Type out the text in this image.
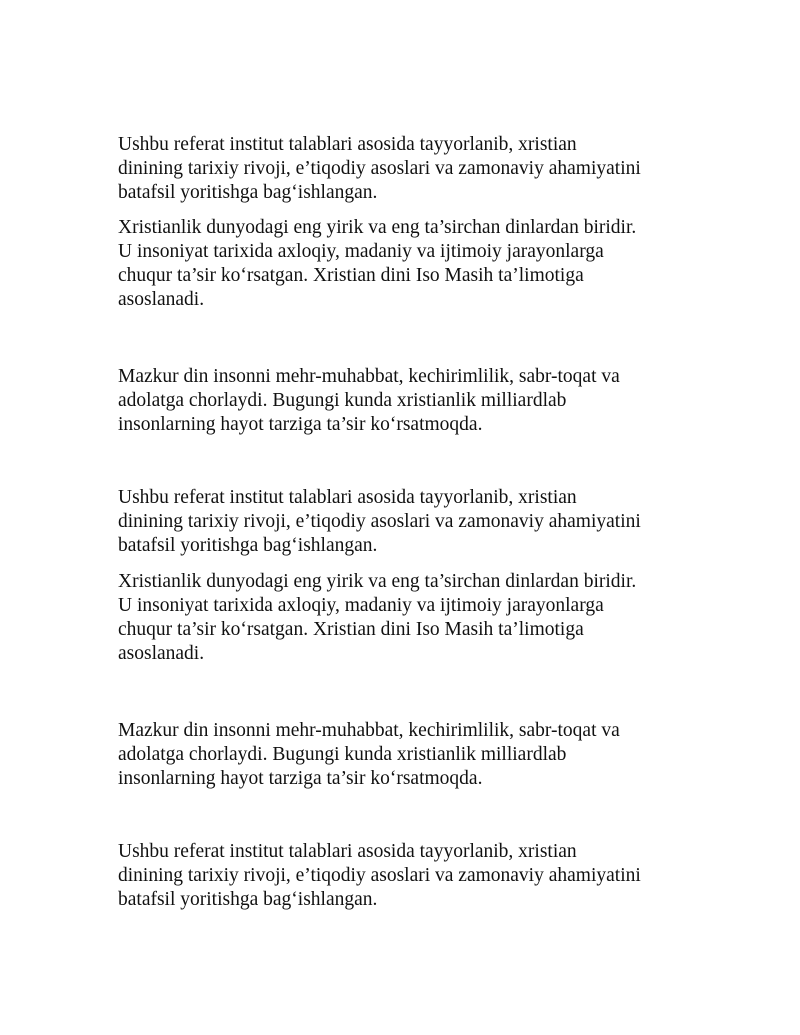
Ushbu referat institut talablari asosida tayyorlanib, xristian
dinining tarixiy rivoji, e’tiqodiy asoslari va zamonaviy ahamiyatini
batafsil yoritishga bag‘ishlangan.

Xristianlik dunyodagi eng yirik va eng ta’sirchan dinlardan biridir.
U insoniyat tarixida axloqiy, madaniy va ijtimoiy jarayonlarga
chuqur ta’sir ko‘rsatgan. Xristian dini Iso Masih ta’limotiga
asoslanadi.

Mazkur din insonni mehr-muhabbat, kechirimlilik, sabr-toqat va
adolatga chorlaydi. Bugungi kunda xristianlik milliardlab
insonlarning hayot tarziga ta’sir ko‘rsatmoqda.

Ushbu referat institut talablari asosida tayyorlanib, xristian
dinining tarixiy rivoji, e’tiqodiy asoslari va zamonaviy ahamiyatini
batafsil yoritishga bag‘ishlangan.

Xristianlik dunyodagi eng yirik va eng ta’sirchan dinlardan biridir.
U insoniyat tarixida axloqiy, madaniy va ijtimoiy jarayonlarga
chuqur ta’sir ko‘rsatgan. Xristian dini Iso Masih ta’limotiga
asoslanadi.

Mazkur din insonni mehr-muhabbat, kechirimlilik, sabr-toqat va
adolatga chorlaydi. Bugungi kunda xristianlik milliardlab
insonlarning hayot tarziga ta’sir ko‘rsatmoqda.

Ushbu referat institut talablari asosida tayyorlanib, xristian
dinining tarixiy rivoji, e’tiqodiy asoslari va zamonaviy ahamiyatini
batafsil yoritishga bag‘ishlangan.
